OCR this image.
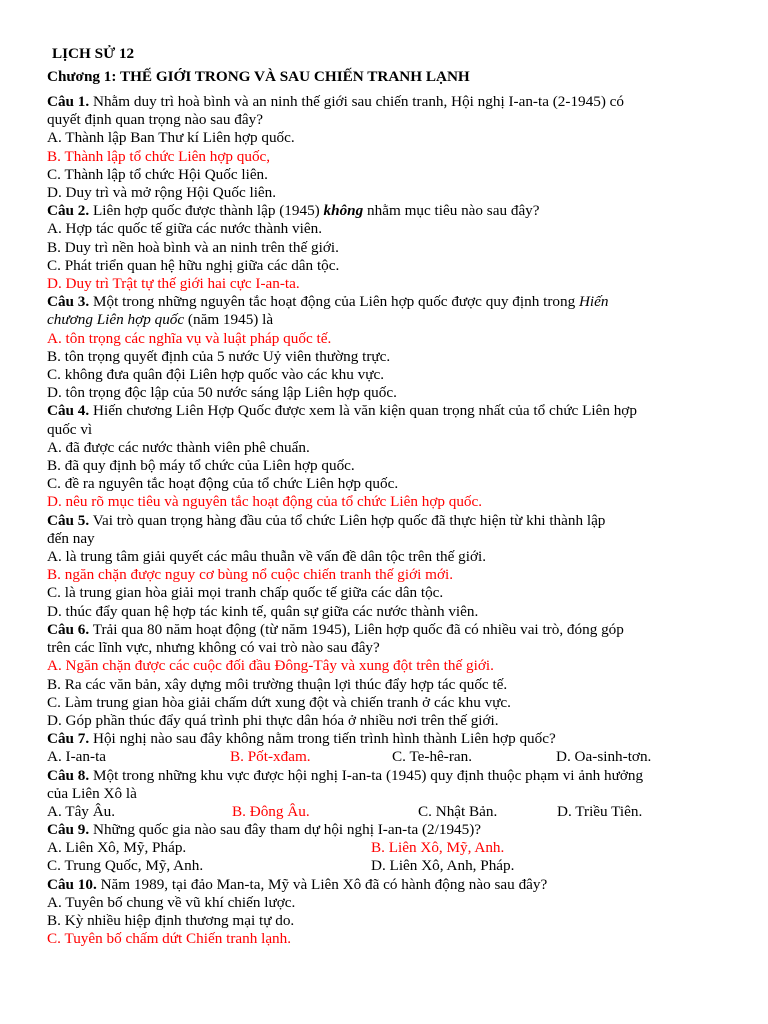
LỊCH SỬ 12
Chương 1: THẾ GIỚI TRONG VÀ SAU CHIẾN TRANH LẠNH
Câu 1. Nhằm duy trì hoà bình và an ninh thế giới sau chiến tranh, Hội nghị I-an-ta (2-1945) có
quyết định quan trọng nào sau đây?
A. Thành lập Ban Thư kí Liên hợp quốc.
B. Thành lập tổ chức Liên hợp quốc,
C. Thành lập tổ chức Hội Quốc liên.
D. Duy trì và mở rộng Hội Quốc liên.
Câu 2. Liên hợp quốc được thành lập (1945) không nhằm mục tiêu nào sau đây?
A. Hợp tác quốc tế giữa các nước thành viên.
B. Duy trì nền hoà bình và an ninh trên thế giới.
C. Phát triển quan hệ hữu nghị giữa các dân tộc.
D. Duy trì Trật tự thế giới hai cực I-an-ta.
Câu 3. Một trong những nguyên tắc hoạt động của Liên hợp quốc được quy định trong Hiến
chương Liên hợp quốc (năm 1945) là
A. tôn trọng các nghĩa vụ và luật pháp quốc tế.
B. tôn trọng quyết định của 5 nước Uỷ viên thường trực.
C. không đưa quân đội Liên hợp quốc vào các khu vực.
D. tôn trọng độc lập của 50 nước sáng lập Liên hợp quốc.
Câu 4. Hiến chương Liên Hợp Quốc được xem là văn kiện quan trọng nhất của tổ chức Liên hợp
quốc vì
A. đã được các nước thành viên phê chuẩn.
B. đã quy định bộ máy tổ chức của Liên hợp quốc.
C. đề ra nguyên tắc hoạt động của tổ chức Liên hợp quốc.
D. nêu rõ mục tiêu và nguyên tắc hoạt động của tổ chức Liên hợp quốc.
Câu 5. Vai trò quan trọng hàng đầu của tổ chức Liên hợp quốc đã thực hiện từ khi thành lập
đến nay
A. là trung tâm giải quyết các mâu thuẫn về vấn đề dân tộc trên thế giới.
B. ngăn chặn được nguy cơ bùng nổ cuộc chiến tranh thế giới mới.
C. là trung gian hòa giải mọi tranh chấp quốc tế giữa các dân tộc.
D. thúc đẩy quan hệ hợp tác kinh tế, quân sự giữa các nước thành viên.
Câu 6. Trải qua 80 năm hoạt động (từ năm 1945), Liên hợp quốc đã có nhiều vai trò, đóng góp
trên các lĩnh vực, nhưng không có vai trò nào sau đây?
A. Ngăn chặn được các cuộc đối đầu Đông-Tây và xung đột trên thế giới.
B. Ra các văn bản, xây dựng môi trường thuận lợi thúc đẩy hợp tác quốc tế.
C. Làm trung gian hòa giải chấm dứt xung đột và chiến tranh ở các khu vực.
D. Góp phần thúc đẩy quá trình phi thực dân hóa ở nhiều nơi trên thế giới.
Câu 7. Hội nghị nào sau đây không nằm trong tiến trình hình thành Liên hợp quốc?
A. I-an-ta	B. Pốt-xđam.	C. Te-hê-ran.	D. Oa-sinh-tơn.
Câu 8. Một trong những khu vực được hội nghị I-an-ta (1945) quy định thuộc phạm vi ảnh hưởng
của Liên Xô là
A. Tây Âu.	B. Đông Âu.	C. Nhật Bản.	D. Triều Tiên.
Câu 9. Những quốc gia nào sau đây tham dự hội nghị I-an-ta (2/1945)?
A. Liên Xô, Mỹ, Pháp.	B. Liên Xô, Mỹ, Anh.
C. Trung Quốc, Mỹ, Anh.	D. Liên Xô, Anh, Pháp.
Câu 10. Năm 1989, tại đảo Man-ta, Mỹ và Liên Xô đã có hành động nào sau đây?
A. Tuyên bố chung về vũ khí chiến lược.
B. Kỳ nhiều hiệp định thương mại tự do.
C. Tuyên bố chấm dứt Chiến tranh lạnh.
